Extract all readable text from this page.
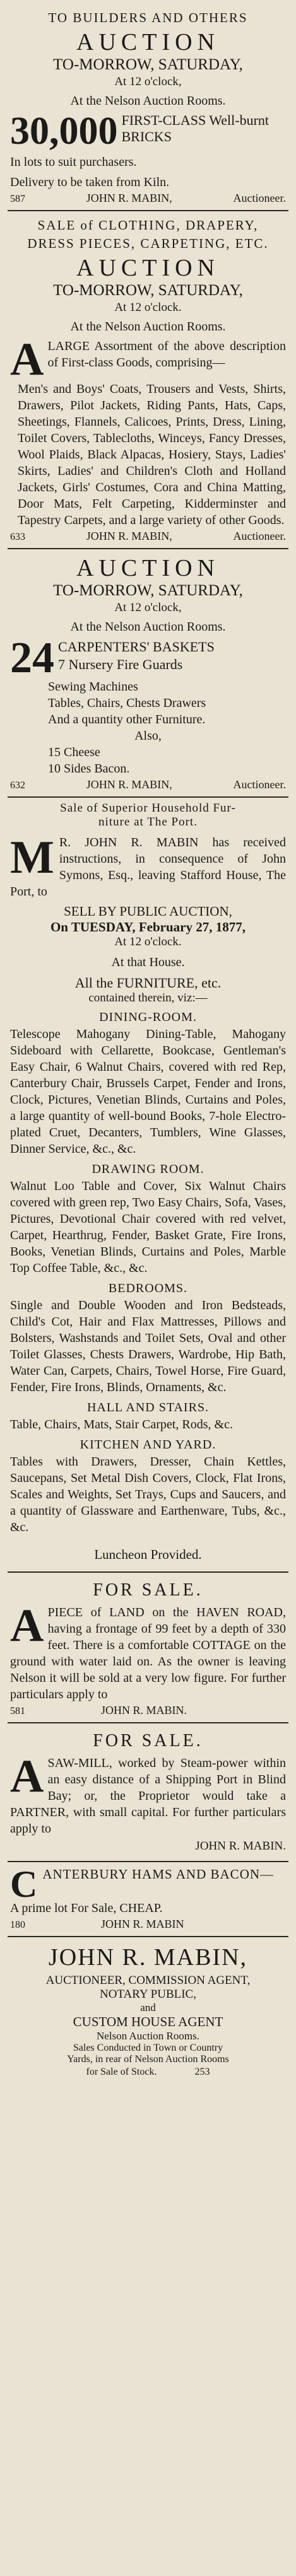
TO BUILDERS AND OTHERS

AUCTION

TO-MORROW, SATURDAY,

At 12 o'clock,

At the Nelson Auction Rooms.

30,000 FIRST-CLASS Well-burnt
BRICKS

In lots to suit purchasers.

Delivery to be taken from Kiln.

587	JOHN R. MABIN,	Auctioneer.

SALE of CLOTHING, DRAPERY,

DRESS PIECES, CARPETING, ETC.

AUCTION

TO-MORROW, SATURDAY,

At 12 o'clock.

At the Nelson Auction Rooms.

A LARGE Assortment of the above description of First-class Goods, comprising—

Men's and Boys' Coats, Trousers and Vests, Shirts, Drawers, Pilot Jackets, Riding Pants, Hats, Caps, Sheetings, Flannels, Calicoes, Prints, Dress, Lining, Toilet Covers, Tablecloths, Winceys, Fancy Dresses, Wool Plaids, Black Alpacas, Hosiery, Stays, Ladies' Skirts, Ladies' and Children's Cloth and Holland Jackets, Girls' Costumes, Cora and China Matting, Door Mats, Felt Carpeting, Kidderminster and Tapestry Carpets, and a large variety of other Goods.

633	JOHN R. MABIN,	Auctioneer.

AUCTION

TO-MORROW, SATURDAY,

At 12 o'clock,

At the Nelson Auction Rooms.

24 CARPENTERS' BASKETS
7 Nursery Fire Guards
Sewing Machines
Tables, Chairs, Chests Drawers
And a quantity other Furniture.
Also,
15 Cheese
10 Sides Bacon.
632	JOHN R. MABIN,	Auctioneer.

Sale of Superior Household Fur-

niture at The Port.

M R. JOHN R. MABIN has received instructions, in consequence of John Symons, Esq., leaving Stafford House, The Port, to

SELL BY PUBLIC AUCTION,

On TUESDAY, February 27, 1877,

At 12 o'clock.

At that House.

All the FURNITURE, etc.

contained therein, viz:—

DINING-ROOM.

Telescope Mahogany Dining-Table, Mahogany Sideboard with Cellarette, Bookcase, Gentleman's Easy Chair, 6 Walnut Chairs, covered with red Rep, Canterbury Chair, Brussels Carpet, Fender and Irons, Clock, Pictures, Venetian Blinds, Curtains and Poles, a large quantity of well-bound Books, 7-hole Electro-plated Cruet, Decanters, Tumblers, Wine Glasses, Dinner Service, &c., &c.

DRAWING ROOM.

Walnut Loo Table and Cover, Six Walnut Chairs covered with green rep, Two Easy Chairs, Sofa, Vases, Pictures, Devotional Chair covered with red velvet, Carpet, Hearthrug, Fender, Basket Grate, Fire Irons, Books, Venetian Blinds, Curtains and Poles, Marble Top Coffee Table, &c., &c.

BEDROOMS.

Single and Double Wooden and Iron Bedsteads, Child's Cot, Hair and Flax Mattresses, Pillows and Bolsters, Washstands and Toilet Sets, Oval and other Toilet Glasses, Chests Drawers, Wardrobe, Hip Bath, Water Can, Carpets, Chairs, Towel Horse, Fire Guard, Fender, Fire Irons, Blinds, Ornaments, &c.

HALL AND STAIRS.

Table, Chairs, Mats, Stair Carpet, Rods, &c.

KITCHEN AND YARD.

Tables with Drawers, Dresser, Chain Kettles, Saucepans, Set Metal Dish Covers, Clock, Flat Irons, Scales and Weights, Set Trays, Cups and Saucers, and a quantity of Glassware and Earthenware, Tubs, &c., &c.

Luncheon Provided.

FOR SALE.

A PIECE of LAND on the HAVEN ROAD, having a frontage of 99 feet by a depth of 330 feet. There is a comfortable COTTAGE on the ground with water laid on. As the owner is leaving Nelson it will be sold at a very low figure. For further particulars apply to
581	JOHN R. MABIN.

FOR SALE.

A SAW-MILL, worked by Steam-power within an easy distance of a Shipping Port in Blind Bay; or, the Proprietor would take a PARTNER, with small capital. For further particulars apply to

JOHN R. MABIN.

C ANTERBURY HAMS AND BACON—

A prime lot For Sale, CHEAP.

180	JOHN R. MABIN

JOHN R. MABIN,

AUCTIONEER, COMMISSION AGENT,

NOTARY PUBLIC,

and

CUSTOM HOUSE AGENT

Nelson Auction Rooms.

Sales Conducted in Town or Country

Yards, in rear of Nelson Auction Rooms

for Sale of Stock.	253
